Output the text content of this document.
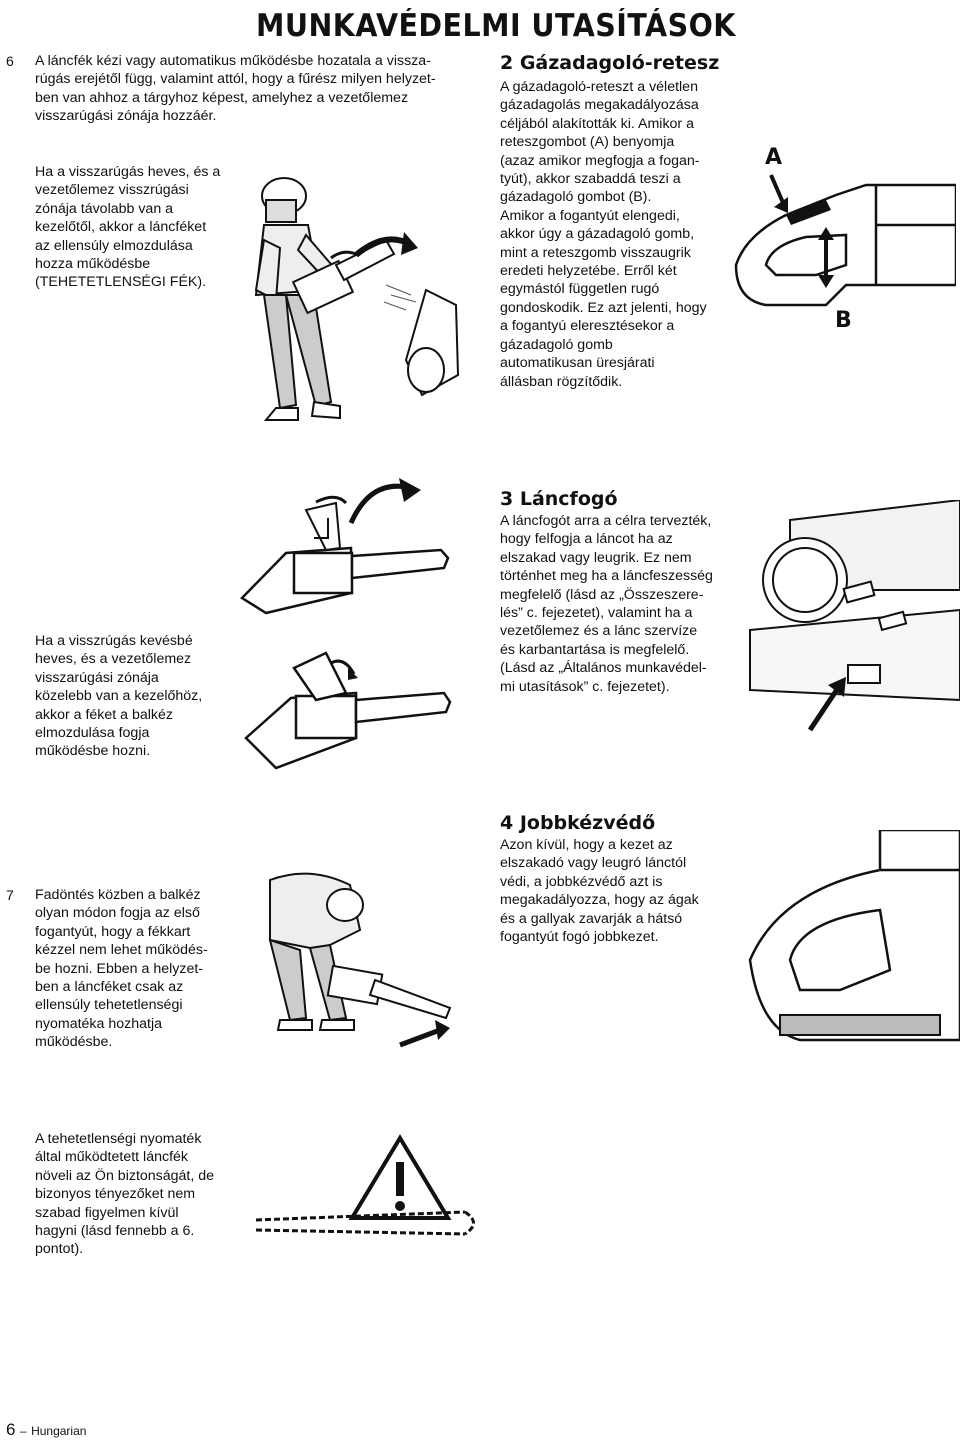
MUNKAVÉDELMI UTASÍTÁSOK
6 A láncfék kézi vagy automatikus működésbe hozatala a vissza-
rúgás erejétől függ, valamint attól, hogy a fűrész milyen helyzet-
ben van ahhoz a tárgyhoz képest, amelyhez a vezetőlemez
visszarúgási zónája hozzáér.
Ha a visszarúgás heves, és a
vezetőlemez visszrúgási
zónája távolabb van a
kezelőtől, akkor a láncféket
az ellensúly elmozdulása
hozza működésbe
(TEHETETLENSÉGI FÉK).
2 Gázadagoló-retesz
A gázadagoló-reteszt a véletlen
gázadagolás megakadályozása
céljából alakították ki. Amikor a
reteszgombot (A) benyomja
(azaz amikor megfogja a fogan-
tyút), akkor szabaddá teszi a
gázadagoló gombot (B).
Amikor a fogantyút elengedi,
akkor úgy a gázadagoló gomb,
mint a reteszgomb visszaugrik
eredeti helyzetébe. Erről két
egymástól független rugó
gondoskodik. Ez azt jelenti, hogy
a fogantyú eleresztésekor a
gázadagoló gomb
automatikusan üresjárati
állásban rögzítődik.
A
B
Ha a visszrúgás kevésbé
heves, és a vezetőlemez
visszarúgási zónája
közelebb van a kezelőhöz,
akkor a féket a balkéz
elmozdulása fogja
működésbe hozni.
3 Láncfogó
A láncfogót arra a célra tervezték,
hogy felfogja a láncot ha az
elszakad vagy leugrik. Ez nem
történhet meg ha a láncfeszesség
megfelelő (lásd az „Összeszere-
lés” c. fejezetet), valamint ha a
vezetőlemez és a lánc szervíze
és karbantartása is megfelelő.
(Lásd az „Általános munkavédel-
mi utasítások” c. fejezetet).
7 Fadöntés közben a balkéz
olyan módon fogja az első
fogantyút, hogy a fékkart
kézzel nem lehet működés-
be hozni. Ebben a helyzet-
ben a láncféket csak az
ellensúly tehetetlenségi
nyomatéka hozhatja
működésbe.
4 Jobbkézvédő
Azon kívül, hogy a kezet az
elszakadó vagy leugró lánctól
védi, a jobbkézvédő azt is
megakadályozza, hogy az ágak
és a gallyak zavarják a hátsó
fogantyút fogó jobbkezet.
A tehetetlenségi nyomaték
által működtetett láncfék
növeli az Ön biztonságát, de
bizonyos tényezőket nem
szabad figyelmen kívül
hagyni (lásd fennebb a 6.
pontot).
6 – Hungarian
